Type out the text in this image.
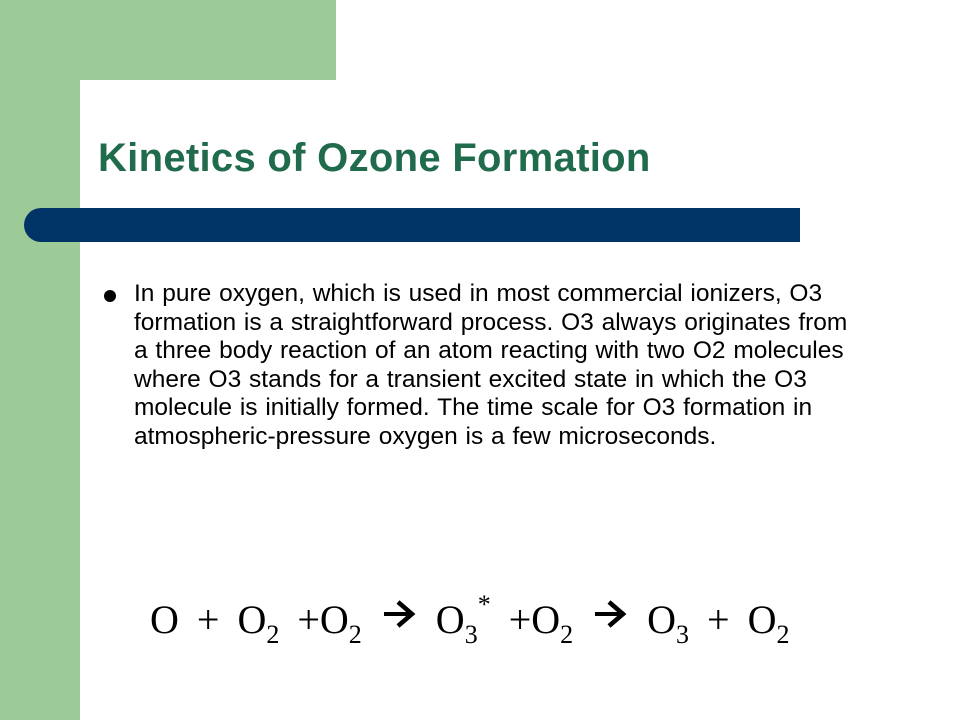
Kinetics of Ozone Formation
In pure oxygen, which is used in most commercial ionizers, O3 formation is a straightforward process. O3 always originates from a three body reaction of an atom reacting with two O2 molecules where O3 stands for a transient excited state in which the O3 molecule is initially formed. The time scale for O3 formation in atmospheric-pressure oxygen is a few microseconds.
$O + O_2 + O_2$ $O_3^* + O_2$ $O_3 + O_2$
